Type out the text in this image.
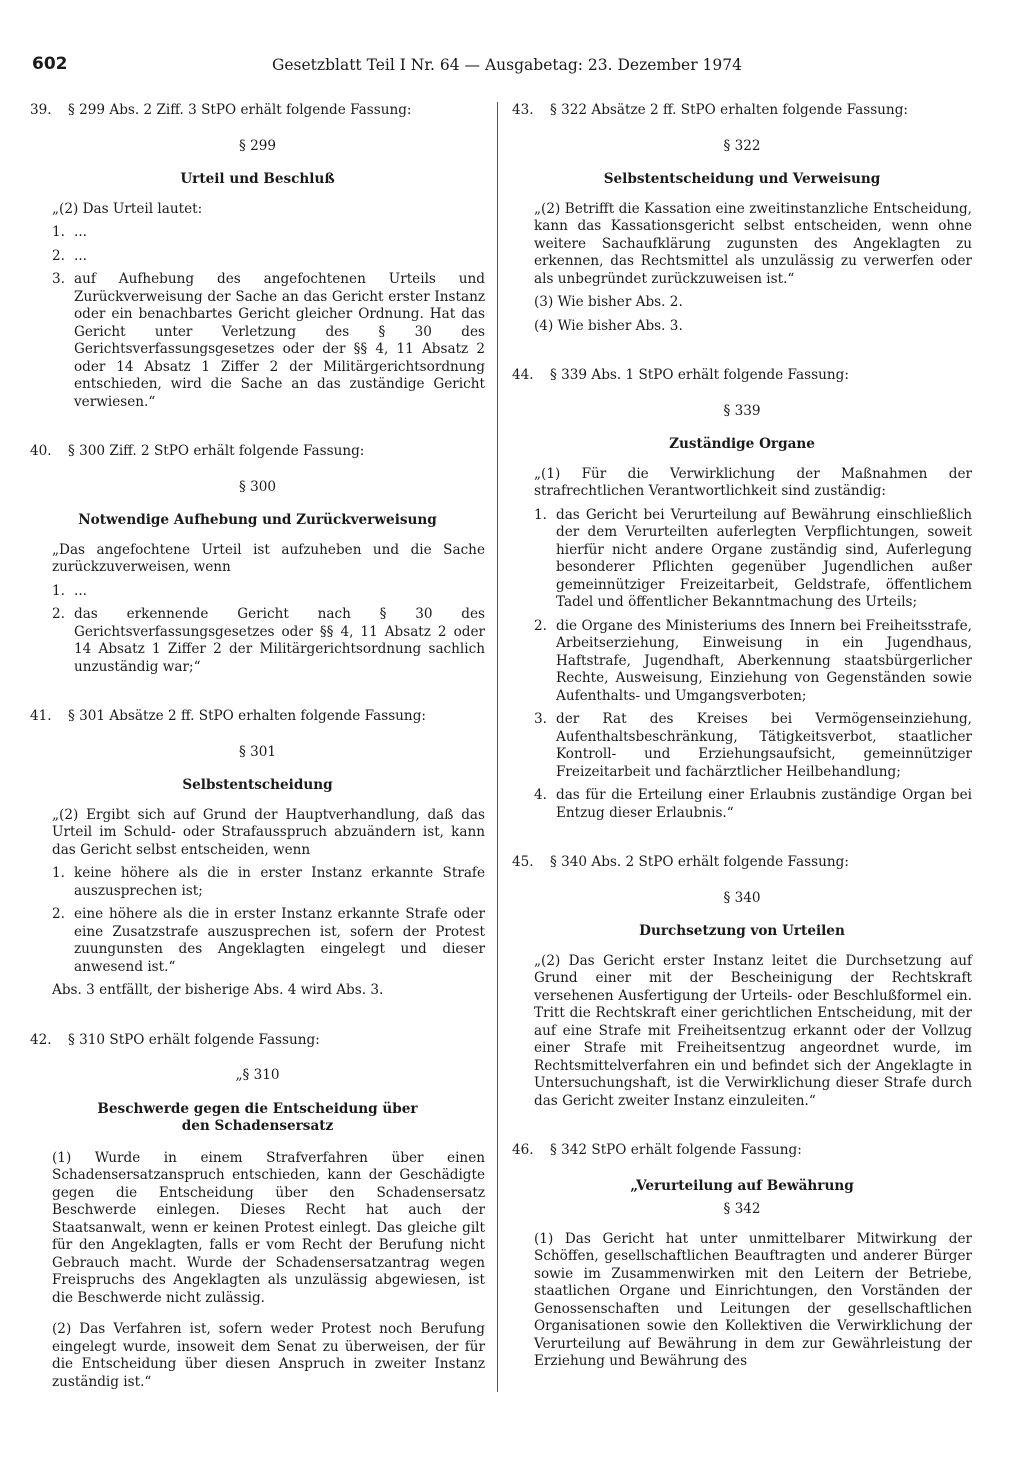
602	Gesetzblatt Teil I Nr. 64 — Ausgabetag: 23. Dezember 1974
39. § 299 Abs. 2 Ziff. 3 StPO erhält folgende Fassung:
§ 299
Urteil und Beschluß

„(2) Das Urteil lautet:

1. ...
2. ...
3. auf Aufhebung des angefochtenen Urteils und Zurückverweisung der Sache an das Gericht erster Instanz oder ein benachbartes Gericht gleicher Ordnung. Hat das Gericht unter Verletzung des § 30 des Gerichtsverfassungsgesetzes oder der §§ 4, 11 Absatz 2 oder 14 Absatz 1 Ziffer 2 der Militärgerichtsordnung entschieden, wird die Sache an das zuständige Gericht verwiesen.“
40. § 300 Ziff. 2 StPO erhält folgende Fassung:
§ 300
Notwendige Aufhebung und Zurückverweisung

„Das angefochtene Urteil ist aufzuheben und die Sache zurückzuverweisen, wenn

1. ...
2. das erkennende Gericht nach § 30 des Gerichtsverfassungsgesetzes oder §§ 4, 11 Absatz 2 oder 14 Absatz 1 Ziffer 2 der Militärgerichtsordnung sachlich unzuständig war;“
41. § 301 Absätze 2 ff. StPO erhalten folgende Fassung:
§ 301
Selbstentscheidung

„(2) Ergibt sich auf Grund der Hauptverhandlung, daß das Urteil im Schuld- oder Strafausspruch abzuändern ist, kann das Gericht selbst entscheiden, wenn

1. keine höhere als die in erster Instanz erkannte Strafe auszusprechen ist;
2. eine höhere als die in erster Instanz erkannte Strafe oder eine Zusatzstrafe auszusprechen ist, sofern der Protest zuungunsten des Angeklagten eingelegt und dieser anwesend ist.“

Abs. 3 entfällt, der bisherige Abs. 4 wird Abs. 3.

42. § 310 StPO erhält folgende Fassung:
„§ 310
Beschwerde gegen die Entscheidung über
den Schadensersatz

(1) Wurde in einem Strafverfahren über einen Schadensersatzanspruch entschieden, kann der Geschädigte gegen die Entscheidung über den Schadensersatz Beschwerde einlegen. Dieses Recht hat auch der Staatsanwalt, wenn er keinen Protest einlegt. Das gleiche gilt für den Angeklagten, falls er vom Recht der Berufung nicht Gebrauch macht. Wurde der Schadensersatzantrag wegen Freispruchs des Angeklagten als unzulässig abgewiesen, ist die Beschwerde nicht zulässig.

(2) Das Verfahren ist, sofern weder Protest noch Berufung eingelegt wurde, insoweit dem Senat zu überweisen, der für die Entscheidung über diesen Anspruch in zweiter Instanz zuständig ist.“

43. § 322 Absätze 2 ff. StPO erhalten folgende Fassung:
§ 322
Selbstentscheidung und Verweisung

„(2) Betrifft die Kassation eine zweitinstanzliche Entscheidung, kann das Kassationsgericht selbst entscheiden, wenn ohne weitere Sachaufklärung zugunsten des Angeklagten zu erkennen, das Rechtsmittel als unzulässig zu verwerfen oder als unbegründet zurückzuweisen ist.“

(3) Wie bisher Abs. 2.

(4) Wie bisher Abs. 3.

44. § 339 Abs. 1 StPO erhält folgende Fassung:
§ 339
Zuständige Organe

„(1) Für die Verwirklichung der Maßnahmen der strafrechtlichen Verantwortlichkeit sind zuständig:

1. das Gericht bei Verurteilung auf Bewährung einschließlich der dem Verurteilten auferlegten Verpflichtungen, soweit hierfür nicht andere Organe zuständig sind, Auferlegung besonderer Pflichten gegenüber Jugendlichen außer gemeinnütziger Freizeitarbeit, Geldstrafe, öffentlichem Tadel und öffentlicher Bekanntmachung des Urteils;
2. die Organe des Ministeriums des Innern bei Freiheitsstrafe, Arbeitserziehung, Einweisung in ein Jugendhaus, Haftstrafe, Jugendhaft, Aberkennung staatsbürgerlicher Rechte, Ausweisung, Einziehung von Gegenständen sowie Aufenthalts- und Umgangsverboten;
3. der Rat des Kreises bei Vermögenseinziehung, Aufenthaltsbeschränkung, Tätigkeitsverbot, staatlicher Kontroll- und Erziehungsaufsicht, gemeinnütziger Freizeitarbeit und fachärztlicher Heilbehandlung;
4. das für die Erteilung einer Erlaubnis zuständige Organ bei Entzug dieser Erlaubnis.“
45. § 340 Abs. 2 StPO erhält folgende Fassung:
§ 340
Durchsetzung von Urteilen

„(2) Das Gericht erster Instanz leitet die Durchsetzung auf Grund einer mit der Bescheinigung der Rechtskraft versehenen Ausfertigung der Urteils- oder Beschlußformel ein. Tritt die Rechtskraft einer gerichtlichen Entscheidung, mit der auf eine Strafe mit Freiheitsentzug erkannt oder der Vollzug einer Strafe mit Freiheitsentzug angeordnet wurde, im Rechtsmittelverfahren ein und befindet sich der Angeklagte in Untersuchungshaft, ist die Verwirklichung dieser Strafe durch das Gericht zweiter Instanz einzuleiten.“

46. § 342 StPO erhält folgende Fassung:
„Verurteilung auf Bewährung
§ 342

(1) Das Gericht hat unter unmittelbarer Mitwirkung der Schöffen, gesellschaftlichen Beauftragten und anderer Bürger sowie im Zusammenwirken mit den Leitern der Betriebe, staatlichen Organe und Einrichtungen, den Vorständen der Genossenschaften und Leitungen der gesellschaftlichen Organisationen sowie den Kollektiven die Verwirklichung der Verurteilung auf Bewährung in dem zur Gewährleistung der Erziehung und Bewährung des
